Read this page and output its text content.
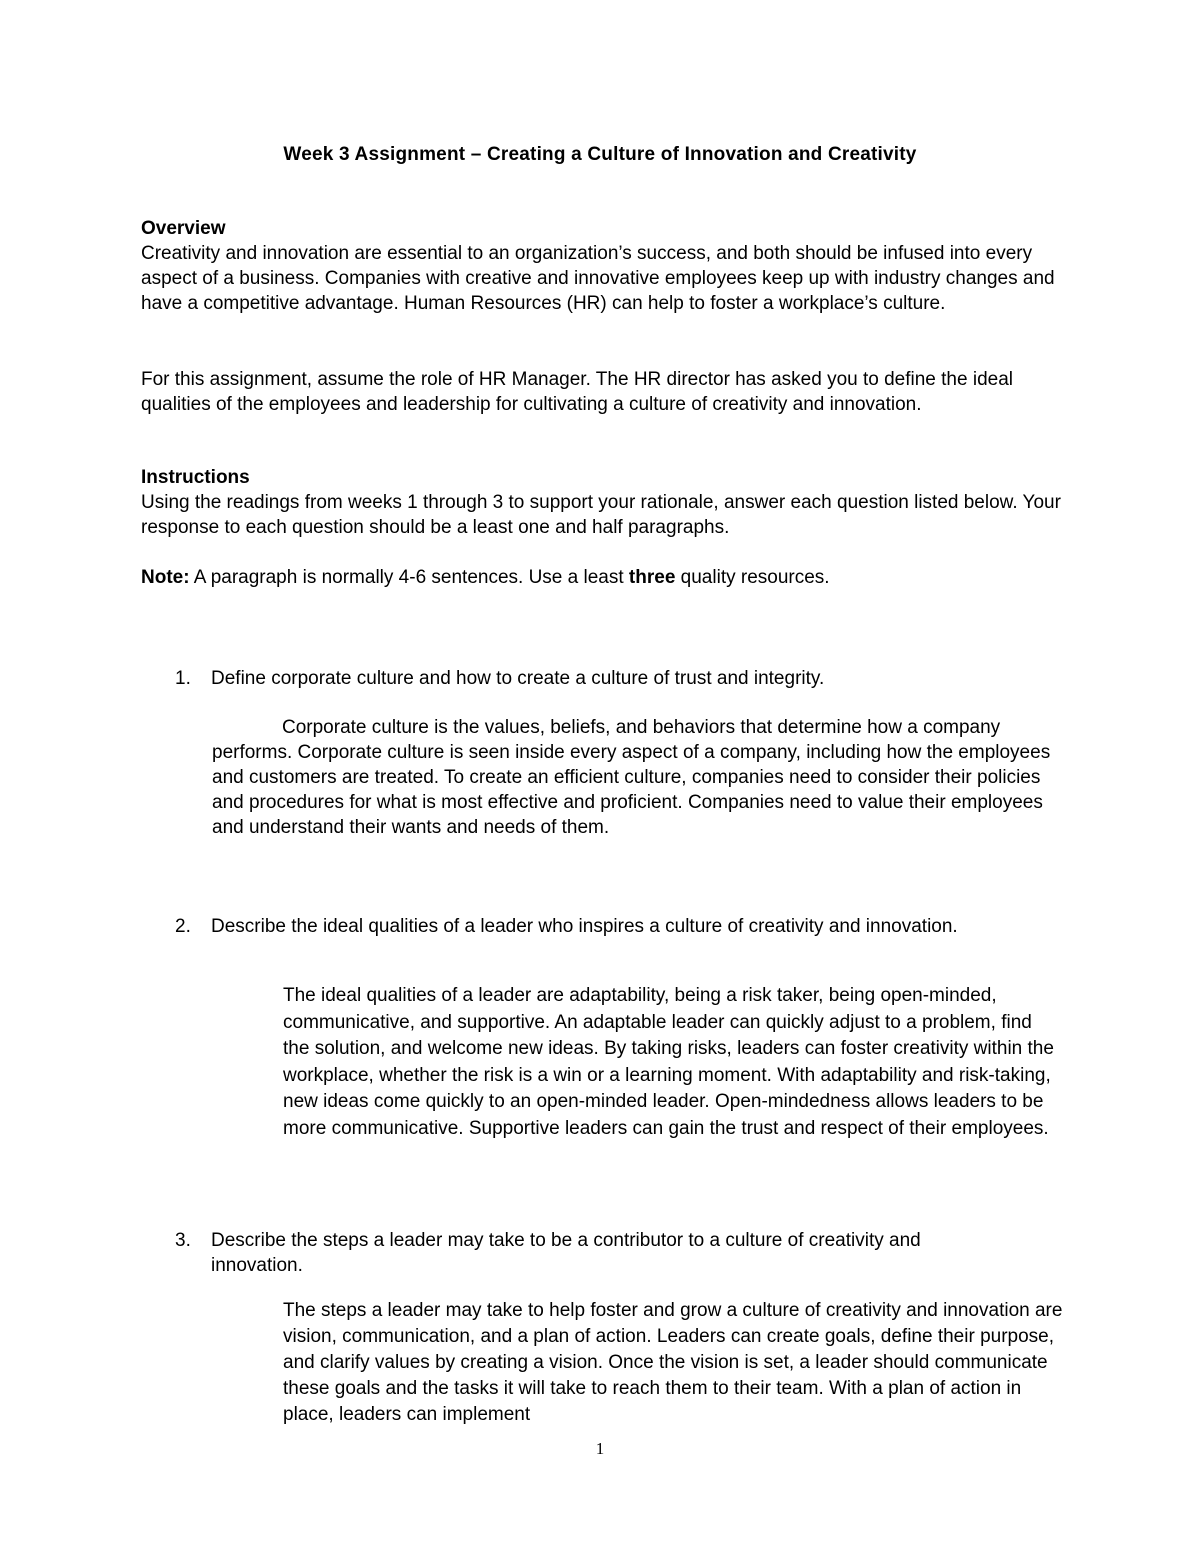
Week 3 Assignment – Creating a Culture of Innovation and Creativity
Overview
Creativity and innovation are essential to an organization’s success, and both should be infused into every aspect of a business. Companies with creative and innovative employees keep up with industry changes and have a competitive advantage. Human Resources (HR) can help to foster a workplace’s culture.
For this assignment, assume the role of HR Manager. The HR director has asked you to define the ideal qualities of the employees and leadership for cultivating a culture of creativity and innovation.
Instructions
Using the readings from weeks 1 through 3 to support your rationale, answer each question listed below. Your response to each question should be a least one and half paragraphs.
Note: A paragraph is normally 4-6 sentences. Use a least three quality resources.
1. Define corporate culture and how to create a culture of trust and integrity.
Corporate culture is the values, beliefs, and behaviors that determine how a company performs. Corporate culture is seen inside every aspect of a company, including how the employees and customers are treated. To create an efficient culture, companies need to consider their policies and procedures for what is most effective and proficient. Companies need to value their employees and understand their wants and needs of them.
2. Describe the ideal qualities of a leader who inspires a culture of creativity and innovation.
The ideal qualities of a leader are adaptability, being a risk taker, being open-minded, communicative, and supportive. An adaptable leader can quickly adjust to a problem, find the solution, and welcome new ideas. By taking risks, leaders can foster creativity within the workplace, whether the risk is a win or a learning moment. With adaptability and risk-taking, new ideas come quickly to an open-minded leader. Open-mindedness allows leaders to be more communicative. Supportive leaders can gain the trust and respect of their employees.
3. Describe the steps a leader may take to be a contributor to a culture of creativity and innovation.
The steps a leader may take to help foster and grow a culture of creativity and innovation are vision, communication, and a plan of action. Leaders can create goals, define their purpose, and clarify values by creating a vision. Once the vision is set, a leader should communicate these goals and the tasks it will take to reach them to their team. With a plan of action in place, leaders can implement
1
